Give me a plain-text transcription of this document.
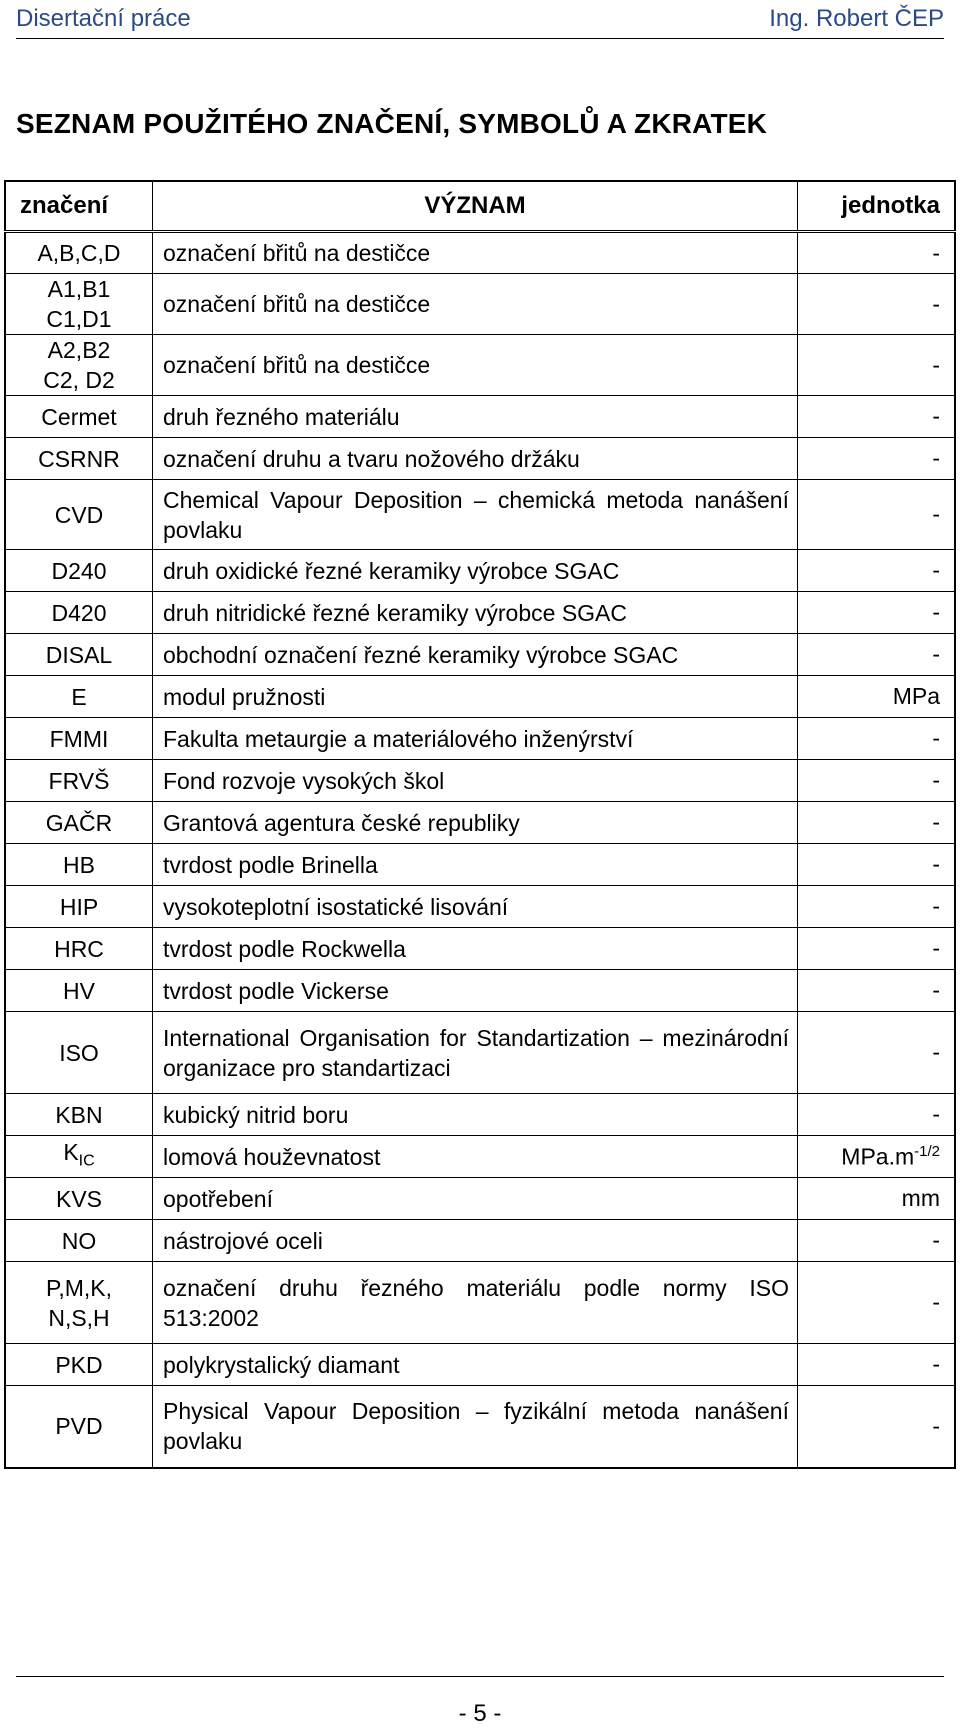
Disertační práce	Ing. Robert ČEP
SEZNAM POUŽITÉHO ZNAČENÍ, SYMBOLŮ A ZKRATEK
značení	VÝZNAM	jednotka
A,B,C,D	označení břitů na destičce	-
A1,B1
C1,D1	označení břitů na destičce	-
A2,B2
C2, D2	označení břitů na destičce	-
Cermet	druh řezného materiálu	-
CSRNR	označení druhu a tvaru nožového držáku	-
CVD	Chemical Vapour Deposition – chemická metoda nanášení povlaku	-
D240	druh oxidické řezné keramiky výrobce SGAC	-
D420	druh nitridické řezné keramiky výrobce SGAC	-
DISAL	obchodní označení řezné keramiky výrobce SGAC	-
E	modul pružnosti	MPa
FMMI	Fakulta metaurgie a materiálového inženýrství	-
FRVŠ	Fond rozvoje vysokých škol	-
GAČR	Grantová agentura české republiky	-
HB	tvrdost podle Brinella	-
HIP	vysokoteplotní isostatické lisování	-
HRC	tvrdost podle Rockwella	-
HV	tvrdost podle Vickerse	-
ISO	International Organisation for Standartization – mezinárodní organizace pro standartizaci	-
KBN	kubický nitrid boru	-
$K_{IC}$	lomová houževnatost	$MPa.m^{-1/2}$
KVS	opotřebení	mm
NO	nástrojové oceli	-
P,M,K,
N,S,H	označení druhu řezného materiálu podle normy ISO 513:2002	-
PKD	polykrystalický diamant	-
PVD	Physical Vapour Deposition – fyzikální metoda nanášení povlaku	-
- 5 -
